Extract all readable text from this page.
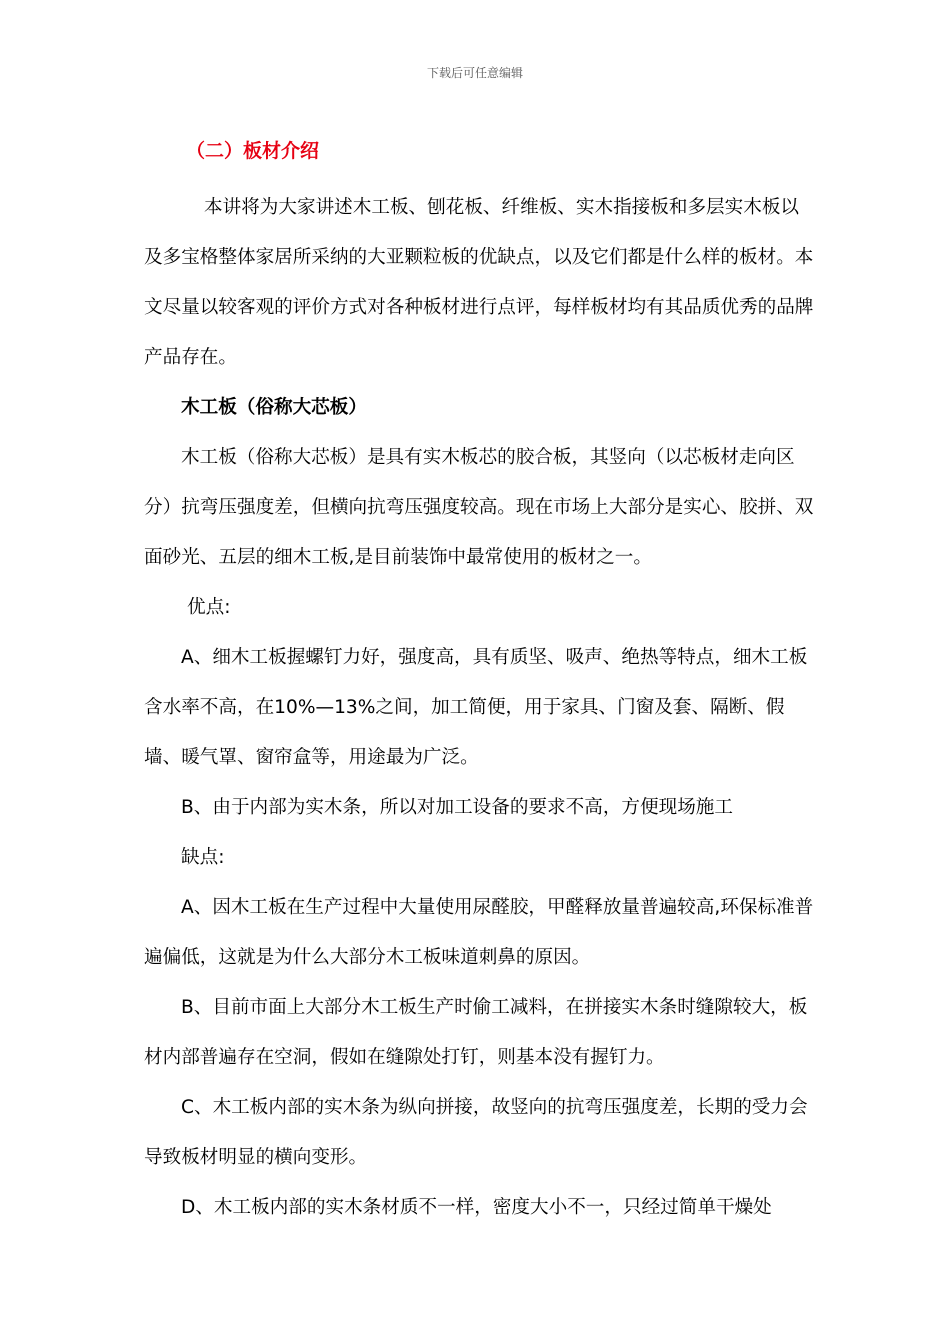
下载后可任意编辑
（二）板材介绍

本讲将为大家讲述木工板、刨花板、纤维板、实木指接板和多层实木板以及多宝格整体家居所采纳的大亚颗粒板的优缺点，以及它们都是什么样的板材。本文尽量以较客观的评价方式对各种板材进行点评，每样板材均有其品质优秀的品牌产品存在。

木工板（俗称大芯板）

木工板（俗称大芯板）是具有实木板芯的胶合板，其竖向（以芯板材走向区分）抗弯压强度差，但横向抗弯压强度较高。现在市场上大部分是实心、胶拼、双面砂光、五层的细木工板,是目前装饰中最常使用的板材之一。

优点:

A、细木工板握螺钉力好，强度高，具有质坚、吸声、绝热等特点，细木工板含水率不高，在10%—13%之间，加工简便，用于家具、门窗及套、隔断、假墙、暖气罩、窗帘盒等，用途最为广泛。

B、由于内部为实木条，所以对加工设备的要求不高，方便现场施工

缺点:

A、因木工板在生产过程中大量使用尿醛胶，甲醛释放量普遍较高,环保标准普遍偏低，这就是为什么大部分木工板味道刺鼻的原因。

B、目前市面上大部分木工板生产时偷工减料，在拼接实木条时缝隙较大，板材内部普遍存在空洞，假如在缝隙处打钉，则基本没有握钉力。

C、木工板内部的实木条为纵向拼接，故竖向的抗弯压强度差，长期的受力会导致板材明显的横向变形。

D、木工板内部的实木条材质不一样，密度大小不一，只经过简单干燥处
